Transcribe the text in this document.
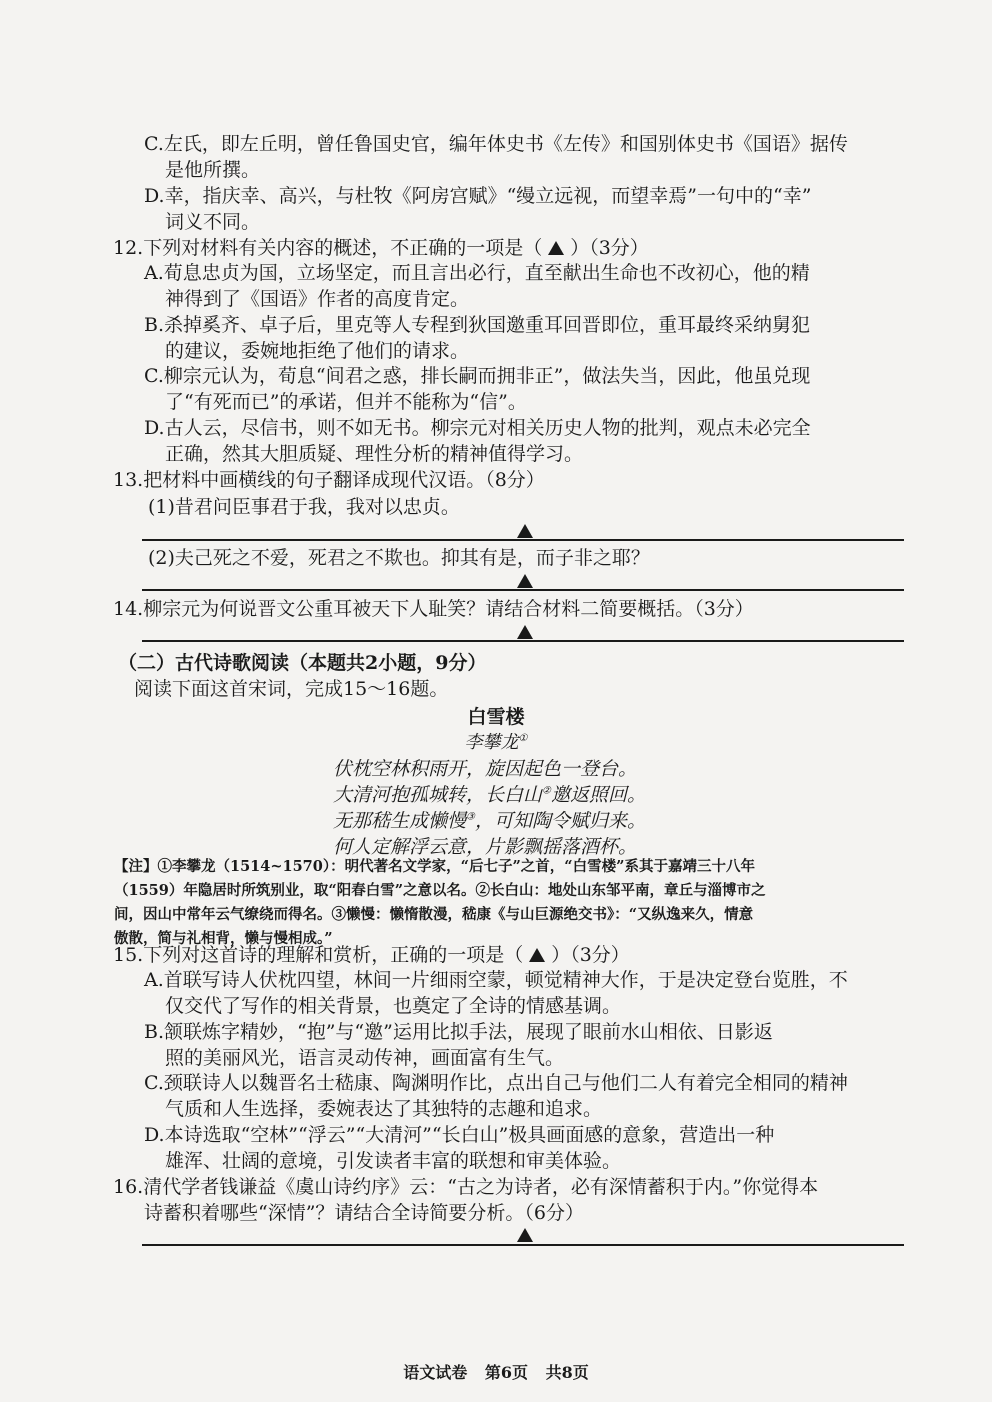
C.左氏，即左丘明，曾任鲁国史官，编年体史书《左传》和国别体史书《国语》据传
是他所撰。
D.幸，指庆幸、高兴，与杜牧《阿房宫赋》“缦立远视，而望幸焉”一句中的“幸”
词义不同。
12.下列对材料有关内容的概述，不正确的一项是（ ）（3分）
A.荀息忠贞为国，立场坚定，而且言出必行，直至献出生命也不改初心，他的精
神得到了《国语》作者的高度肯定。
B.杀掉奚齐、卓子后，里克等人专程到狄国邀重耳回晋即位，重耳最终采纳舅犯
的建议，委婉地拒绝了他们的请求。
C.柳宗元认为，荀息“间君之惑，排长嗣而拥非正”，做法失当，因此，他虽兑现
了“有死而已”的承诺，但并不能称为“信”。
D.古人云，尽信书，则不如无书。柳宗元对相关历史人物的批判，观点未必完全
正确，然其大胆质疑、理性分析的精神值得学习。
13.把材料中画横线的句子翻译成现代汉语。（8分）
(1)昔君问臣事君于我，我对以忠贞。
(2)夫己死之不爱，死君之不欺也。抑其有是，而子非之耶？
14.柳宗元为何说晋文公重耳被天下人耻笑？请结合材料二简要概括。（3分）
（二）古代诗歌阅读（本题共2小题，9分）
阅读下面这首宋词，完成15～16题。
白雪楼
李攀龙①
伏枕空林积雨开，旋因起色一登台。
大清河抱孤城转，长白山②邀返照回。
无那嵇生成懒慢③，可知陶令赋归来。
何人定解浮云意，片影飘摇落酒杯。
【注】①李攀龙（1514~1570）：明代著名文学家，“后七子”之首，“白雪楼”系其于嘉靖三十八年
（1559）年隐居时所筑别业，取“阳春白雪”之意以名。②长白山：地处山东邹平南，章丘与淄博市之
间，因山中常年云气缭绕而得名。③懒慢：懒惰散漫，嵇康《与山巨源绝交书》：“又纵逸来久，情意
傲散，简与礼相背，懒与慢相成。”
15.下列对这首诗的理解和赏析，正确的一项是（ ）（3分）
A.首联写诗人伏枕四望，林间一片细雨空蒙，顿觉精神大作，于是决定登台览胜，不
仅交代了写作的相关背景，也奠定了全诗的情感基调。
B.颔联炼字精妙，“抱”与“邀”运用比拟手法，展现了眼前水山相依、日影返
照的美丽风光，语言灵动传神，画面富有生气。
C.颈联诗人以魏晋名士嵇康、陶渊明作比，点出自己与他们二人有着完全相同的精神
气质和人生选择，委婉表达了其独特的志趣和追求。
D.本诗选取“空林”“浮云”“大清河”“长白山”极具画面感的意象，营造出一种
雄浑、壮阔的意境，引发读者丰富的联想和审美体验。
16.清代学者钱谦益《虞山诗约序》云：“古之为诗者，必有深情蓄积于内。”你觉得本
诗蓄积着哪些“深情”？请结合全诗简要分析。（6分）
语文试卷 第6页 共8页
